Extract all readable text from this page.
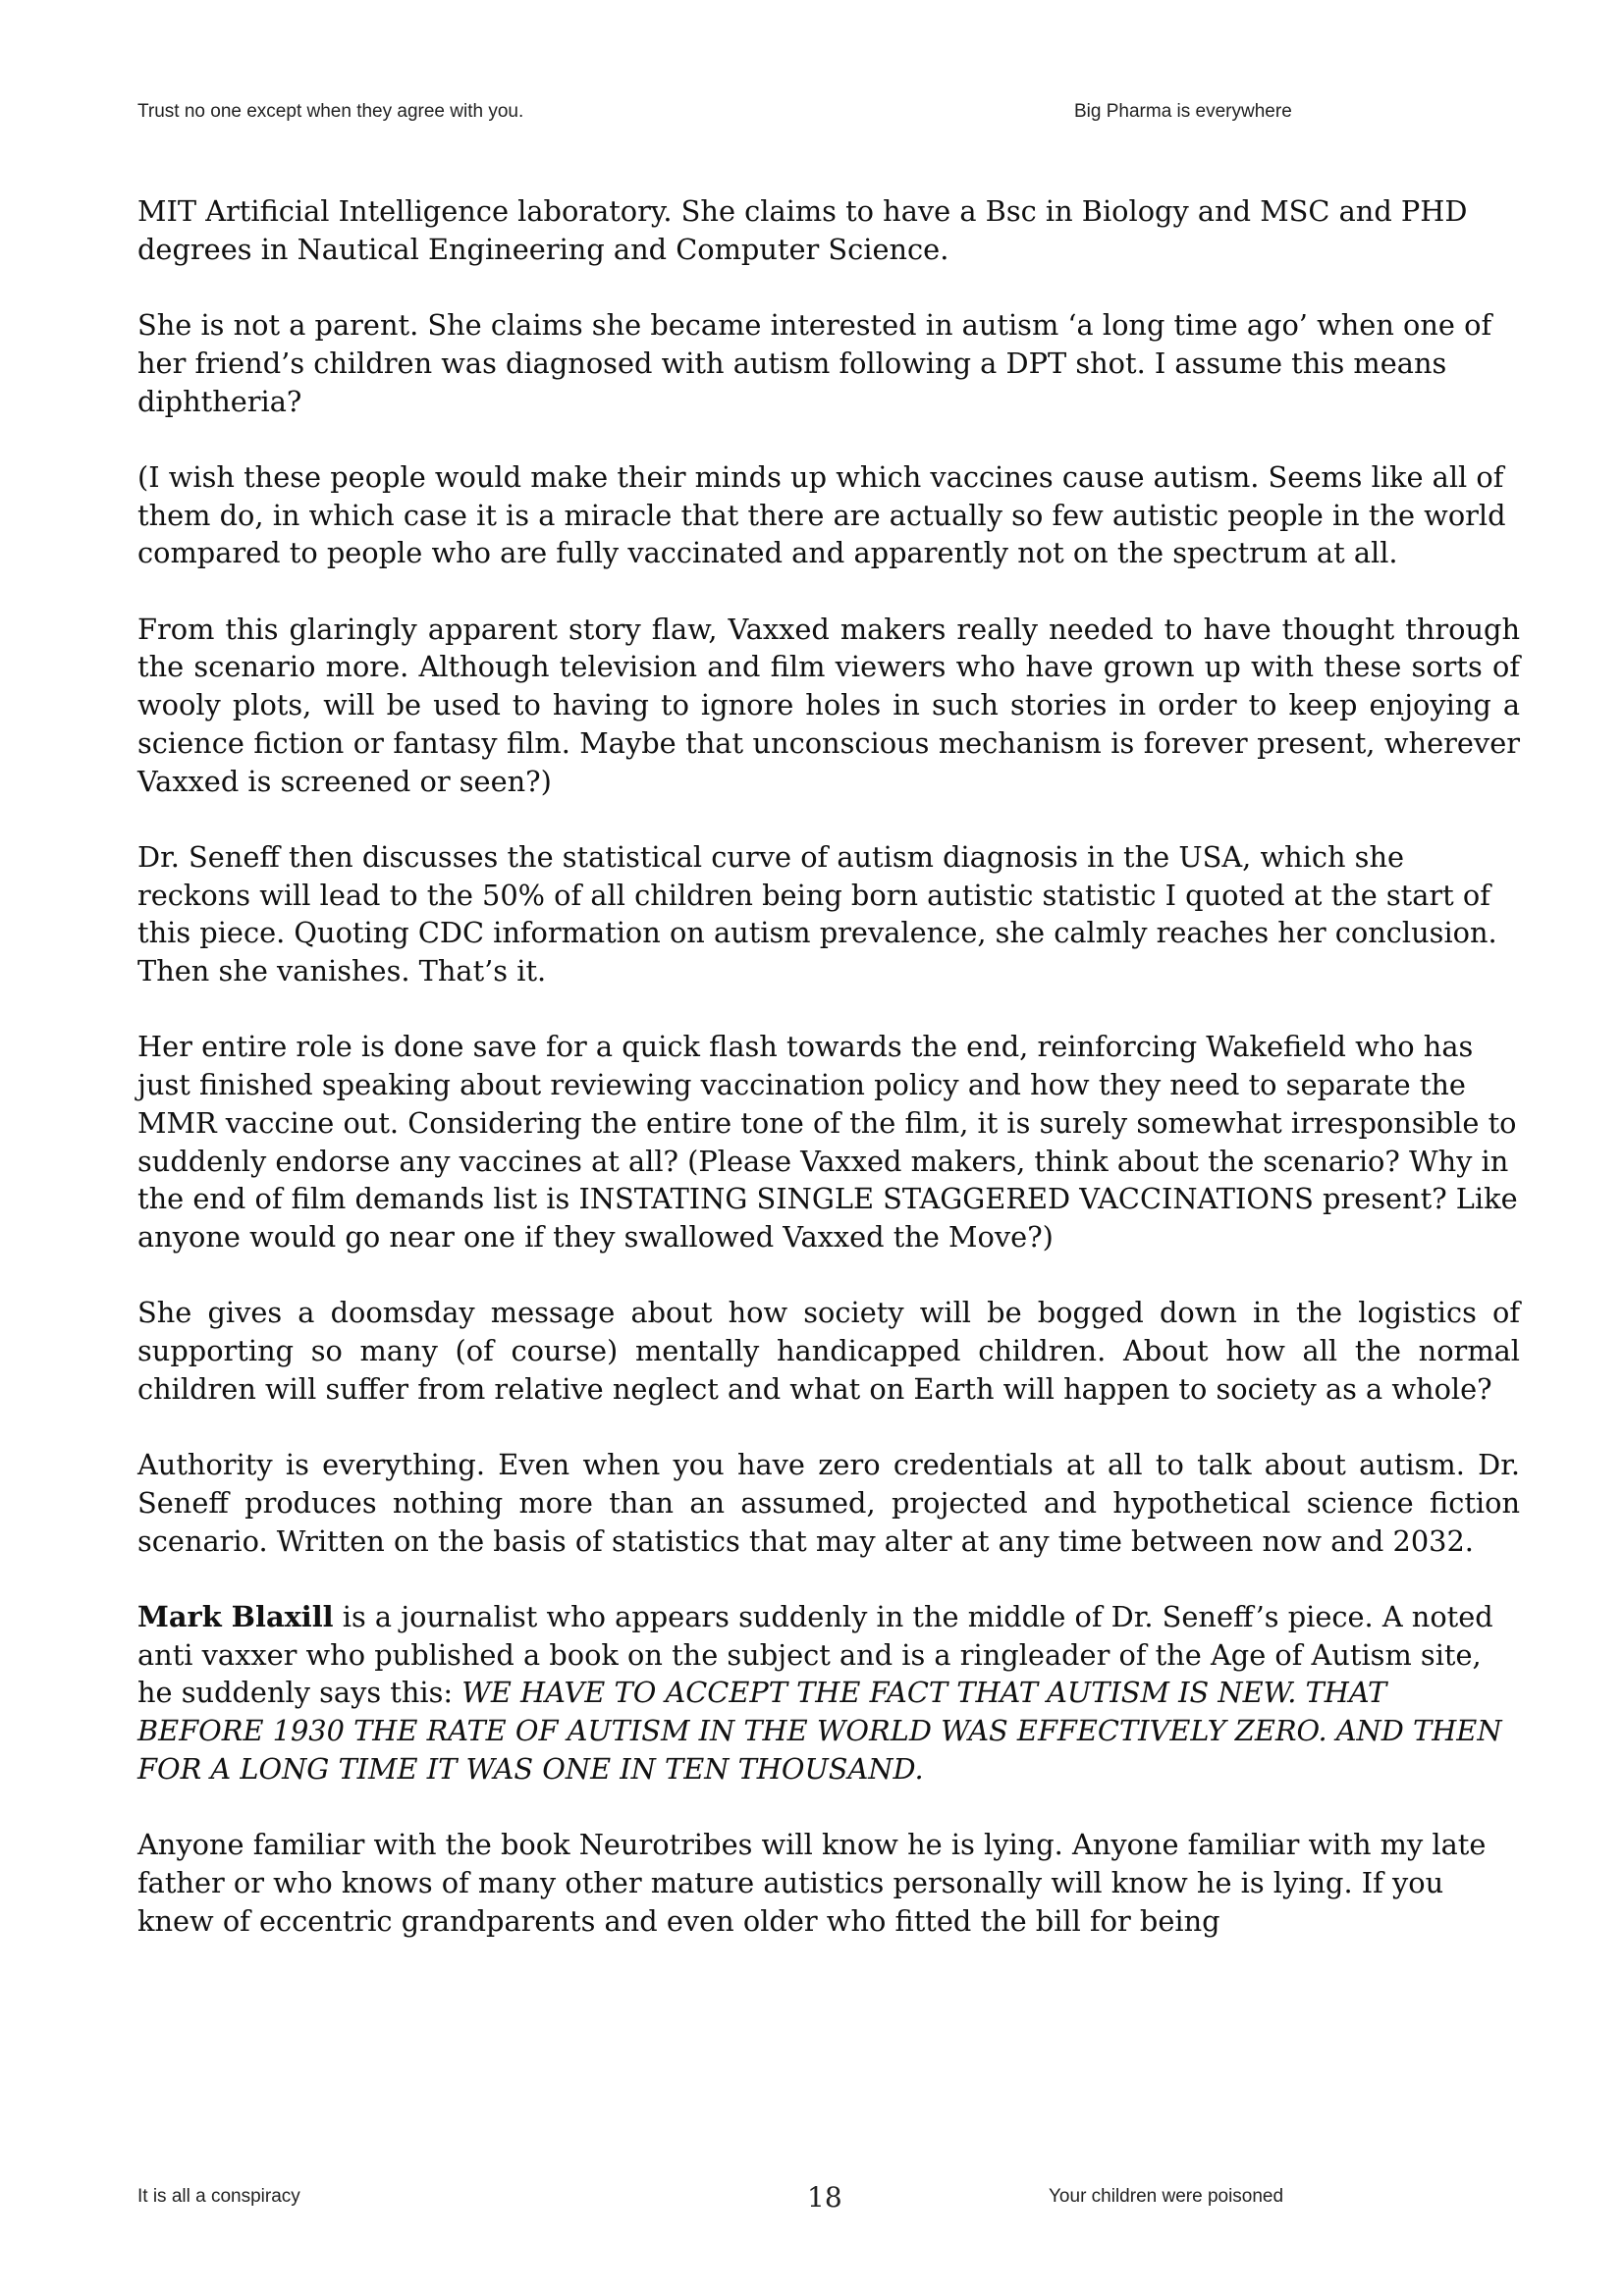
Trust no one except when they agree with you.	Big Pharma is everywhere

MIT Artificial Intelligence laboratory. She claims to have a Bsc in Biology and MSC and PHD degrees in Nautical Engineering and Computer Science.

She is not a parent. She claims she became interested in autism ‘a long time ago’ when one of her friend’s children was diagnosed with autism following a DPT shot. I assume this means diphtheria?

(I wish these people would make their minds up which vaccines cause autism. Seems like all of them do, in which case it is a miracle that there are actually so few autistic people in the world compared to people who are fully vaccinated and apparently not on the spectrum at all.

From this glaringly apparent story flaw, Vaxxed makers really needed to have thought through the scenario more. Although television and film viewers who have grown up with these sorts of wooly plots, will be used to having to ignore holes in such stories in order to keep enjoying a science fiction or fantasy film. Maybe that unconscious mechanism is forever present, wherever Vaxxed is screened or seen?)

Dr. Seneff then discusses the statistical curve of autism diagnosis in the USA, which she reckons will lead to the 50% of all children being born autistic statistic I quoted at the start of this piece. Quoting CDC information on autism prevalence, she calmly reaches her conclusion. Then she vanishes. That’s it.

Her entire role is done save for a quick flash towards the end, reinforcing Wakefield who has just finished speaking about reviewing vaccination policy and how they need to separate the MMR vaccine out. Considering the entire tone of the film, it is surely somewhat irresponsible to suddenly endorse any vaccines at all? (Please Vaxxed makers, think about the scenario? Why in the end of film demands list is INSTATING SINGLE STAGGERED VACCINATIONS present? Like anyone would go near one if they swallowed Vaxxed the Move?)

She gives a doomsday message about how society will be bogged down in the logistics of supporting so many (of course) mentally handicapped children. About how all the normal children will suffer from relative neglect and what on Earth will happen to society as a whole?

Authority is everything. Even when you have zero credentials at all to talk about autism. Dr. Seneff produces nothing more than an assumed, projected and hypothetical science fiction scenario. Written on the basis of statistics that may alter at any time between now and 2032.

Mark Blaxill is a journalist who appears suddenly in the middle of Dr. Seneff’s piece. A noted anti vaxxer who published a book on the subject and is a ringleader of the Age of Autism site, he suddenly says this: WE HAVE TO ACCEPT THE FACT THAT AUTISM IS NEW. THAT BEFORE 1930 THE RATE OF AUTISM IN THE WORLD WAS EFFECTIVELY ZERO. AND THEN FOR A LONG TIME IT WAS ONE IN TEN THOUSAND.

Anyone familiar with the book Neurotribes will know he is lying. Anyone familiar with my late father or who knows of many other mature autistics personally will know he is lying. If you knew of eccentric grandparents and even older who fitted the bill for being

It is all a conspiracy	18	Your children were poisoned
